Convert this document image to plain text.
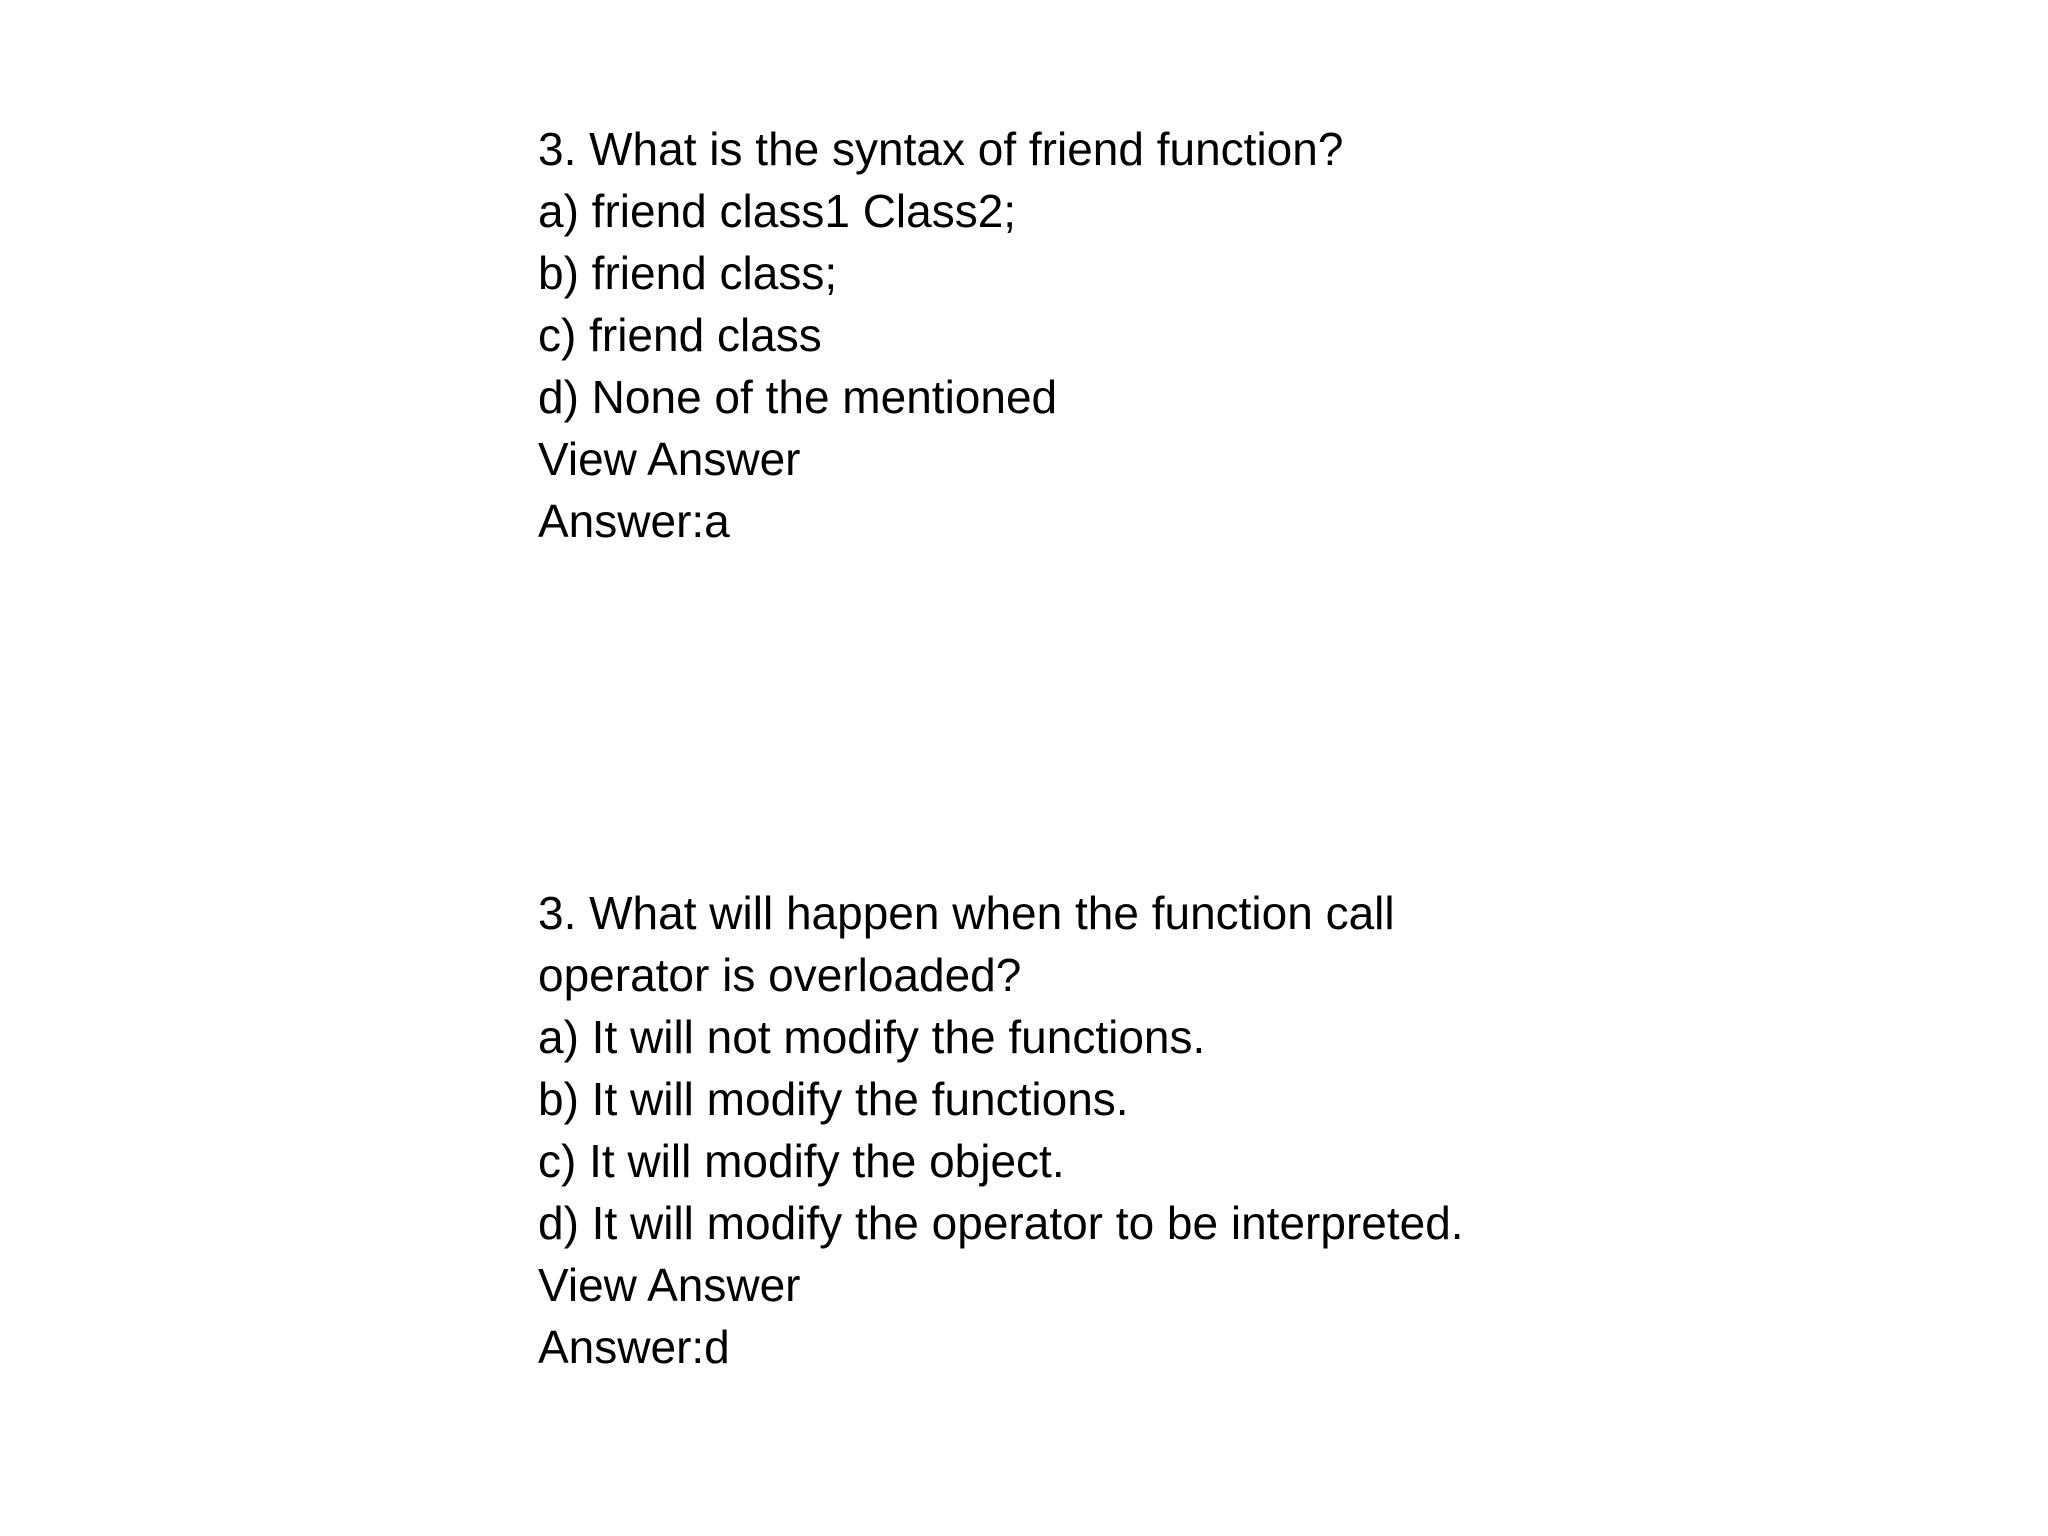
3. What is the syntax of friend function?
a) friend class1 Class2;
b) friend class;
c) friend class
d) None of the mentioned
View Answer
Answer:a
3. What will happen when the function call operator is overloaded?
a) It will not modify the functions.
b) It will modify the functions.
c) It will modify the object.
d) It will modify the operator to be interpreted.
View Answer
Answer:d
